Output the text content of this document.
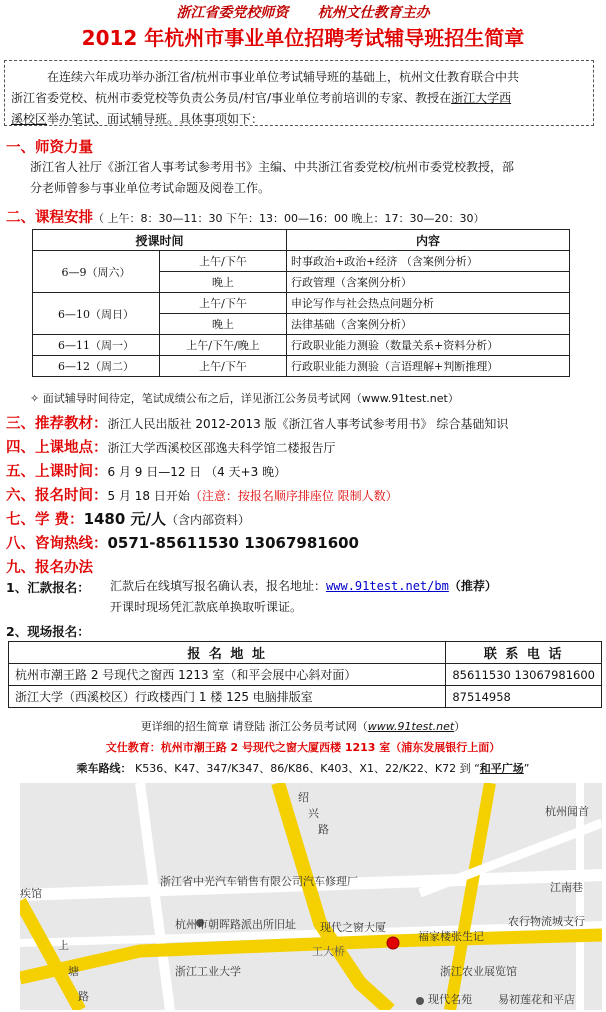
浙江省委党校师资      杭州文仕教育主办
2012 年杭州市事业单位招聘考试辅导班招生简章
在连续六年成功举办浙江省/杭州市事业单位考试辅导班的基础上，杭州文仕教育联合中共
浙江省委党校、杭州市委党校等负责公务员/村官/事业单位考前培训的专家、教授在浙江大学西
溪校区举办笔试、面试辅导班。具体事项如下：
一、师资力量
浙江省人社厅《浙江省人事考试参考用书》主编、中共浙江省委党校/杭州市委党校教授，部
分老师曾参与事业单位考试命题及阅卷工作。
二、课程安排（ 上午：8：30—11：30 下午：13：00—16：00 晚上：17：30—20：30）
授课时间		内容
6—9（周六）	上午/下午	时事政治+政治+经济 （含案例分析）
	晚上	行政管理（含案例分析）
6—10（周日）	上午/下午	申论写作与社会热点问题分析
	晚上	法律基础（含案例分析）
6—11（周一）	上午/下午/晚上	行政职业能力测验（数量关系+资料分析）
6—12（周二）	上午/下午	行政职业能力测验（言语理解+判断推理）
✧ 面试辅导时间待定，笔试成绩公布之后，详见浙江公务员考试网（www.91test.net）
三、推荐教材：浙江人民出版社 2012-2013 版《浙江省人事考试参考用书》 综合基础知识
四、上课地点：浙江大学西溪校区邵逸夫科学馆二楼报告厅
五、上课时间：6 月 9 日—12 日 （4 天+3 晚）
六、报名时间：5 月 18 日开始（注意：按报名顺序排座位 限制人数）
七、学 费：1480 元/人（含内部资料）
八、咨询热线：0571-85611530 13067981600
九、报名办法
1、汇款报名： 汇款后在线填写报名确认表，报名地址：www.91test.net/bm（推荐）
开课时现场凭汇款底单换取听课证。
2、现场报名：
报 名 地 址	联 系 电 话
杭州市潮王路 2 号现代之窗西 1213 室（和平会展中心斜对面）	85611530 13067981600
浙江大学（西溪校区）行政楼西门 1 楼 125 电脑排版室	87514958
更详细的招生简章 请登陆 浙江公务员考试网（www.91test.net）
文仕教育：杭州市潮王路 2 号现代之窗大厦西楼 1213 室（浦东发展银行上面）
乘车路线： K536、K47、347/K347、86/K86、K403、X1、22/K22、K72 到 “和平广场”
绍
兴
路
杭州闻首
浙江省中光汽车销售有限公司汽车修理厂	江南巷
疾馆
杭州市朝晖路派出所旧址 现代之窗大厦	农行物流城支行
福家楼张生记
工大桥
上
塘
路
浙江工业大学	浙江农业展览馆
现代名苑 易初莲花和平店
